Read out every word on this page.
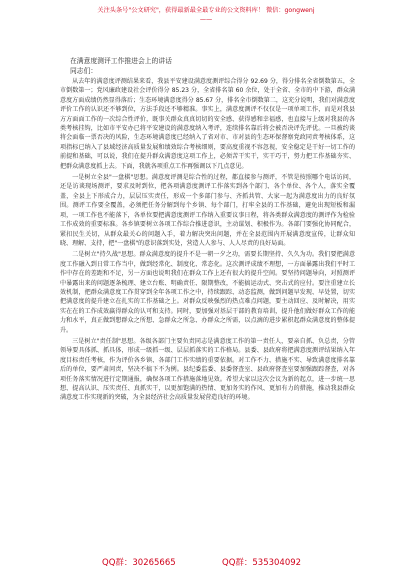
关注头条号"公文研究"，获得最新最全最专业的公文资料库！ 微信：gongwenj
——
在满意度测评工作推进会上的讲话
同志们：

从去年的满意度评测结果来看，我县平安建设满意度测评综合得分 92.69 分，得分排名全省倒数第五，全市倒数第一；党风廉政建设社会评价得分 85.23 分，全省排名第 60 余位，处于全省、全市的中下游，群众满意度方面成绩仍然显得落后；生态环境满意度得分 85.67 分，排名全市倒数第二，这充分说明，我们对满意度评价工作的认识还不够到位，方法手段还不够精准。事实上，满意度测评不仅仅是一项单项工作，而是对我县方方面面工作的一次综合性评价，既事关群众真真切切的安全感、获得感和幸福感，也直接与上级对我县的各类考核挂钩，比如市平安办已将平安建设的满意度纳入考评，连续排名靠后将会被否决评先评优。一旦被约谈将会面临一票否决的风险，生态环境满意度已经纳入了省对市、市对县的生态环保督察党政同责考核体系，这项指标已纳入了县域经济高质量发展和绩效综合考核细则，要高度重视不容忽视，安全稳定是干好一切工作的前提和基础，可以说，我们在提升群众满意度这项工作上，必须苦干实干，实干巧干，努力把工作基础夯实、把群众满意度抓上去。下面，我就各项重点工作再强调以下几点意见。

一是树立全县"一盘棋"思想。满意度评测是综合性的过程，都直接参与测评，不管是按照哪个电话访问，还是访谈现场测评，要求及时到位，把各项满意度测评工作落实到各个部门、各个单位、各个人，落实全覆盖，全县上下形成合力，层层压实责任，形成一个多部门参与、齐抓共管、大家一起为满意度出力的良好氛围。测评工作要全覆盖，必须把任务分解到每个乡镇、每个部门，打牢全县的工作基础，避免出现短板和漏项，一项工作也不能落下，各单位要把满意度测评工作纳入重要议事日程，将各类群众满意度的测评作为检验工作成效的重要标准。各乡镇要树立各项工作综合推进意识，主动谋划、积极作为。各部门要强化协同配合，紧扣民生关切，从群众最关心的问题入手，着力解决突出问题，并在全县范围内开展满意度宣传，让群众知晓、理解、支持，把"一盘棋"的意识落到实处，营造人人参与、人人尽责的良好局面。

二是树立"持久战"思想。群众满意度的提升不是一朝一夕之功，需要长期坚持、久久为功。我们要把满意度工作融入到日常工作当中，做到经常化、制度化、常态化。这次测评成绩不理想，一方面暴露出我们平时工作中存在的差距和不足，另一方面也说明我们在群众工作上还有很大的提升空间。要坚持问题导向，对照测评中暴露出来的问题逐条梳理、建立台账、明确责任、限期整改，不能搞运动式、突击式的应付。要注重建立长效机制，把群众满意度工作贯穿到全年各项工作之中，持续跟踪、动态监测，做到问题早发现、早处置，切实把满意度的提升建立在扎实的工作基础之上。对群众反映强烈的热点难点问题，要主动回应、及时解决，用实实在在的工作成效赢得群众的认可和支持。同时，要加强对基层干部的教育培训，提升他们做好群众工作的能力和水平，真正做到想群众之所想、急群众之所急、办群众之所需，以点滴的进步累积起群众满意度的整体提升。

三是树立"责任制"思想。各级各部门主要负责同志是满意度工作的第一责任人，要亲自抓、负总责，分管领导要具体抓、抓具体，形成一级抓一级、层层抓落实的工作格局。县委、县政府将把满意度测评结果纳入年度目标责任考核，作为评价各乡镇、各部门工作实绩的重要依据。对工作不力、措施不实、导致满意度排名靠后的单位，要严肃问责，坚决不搞下不为例。县纪委监委、县委督查室、县政府督查室要加强跟踪督查，对各项任务落实情况进行定期通报，确保各项工作措施落地见效。希望大家以这次会议为新的起点，进一步统一思想、提高认识、压实责任、真抓实干，以更加饱满的热情、更加务实的作风、更加有力的措施，推动我县群众满意度工作实现新的突破，为全县经济社会高质量发展营造良好的环境。

QQ群：30265665	QQ群：535304092
